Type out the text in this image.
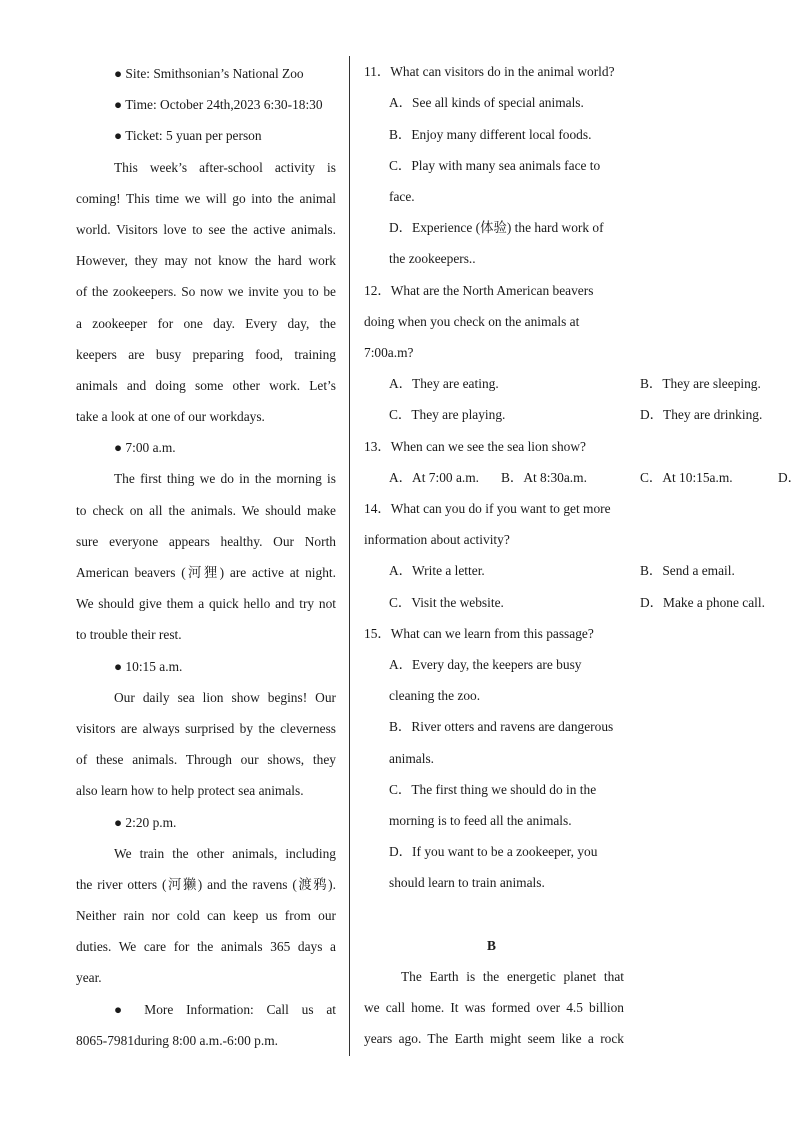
● Site: Smithsonian’s National Zoo
● Time: October 24th,2023 6:30-18:30
● Ticket: 5 yuan per person
This week’s after-school activity is
coming! This time we will go into the animal
world. Visitors love to see the active animals.
However, they may not know the hard work
of the zookeepers. So now we invite you to be
a zookeeper for one day. Every day, the
keepers are busy preparing food, training
animals and doing some other work. Let’s
take a look at one of our workdays.
● 7:00 a.m.
The first thing we do in the morning is
to check on all the animals. We should make
sure everyone appears healthy. Our North
American beavers (河狸) are active at night.
We should give them a quick hello and try not
to trouble their rest.
● 10:15 a.m.
Our daily sea lion show begins! Our
visitors are always surprised by the cleverness
of these animals. Through our shows, they
also learn how to help protect sea animals.
● 2:20 p.m.
We train the other animals, including
the river otters (河獭) and the ravens (渡鸦).
Neither rain nor cold can keep us from our
duties. We care for the animals 365 days a
year.
● More Information: Call us at
8065-7981during 8:00 a.m.-6:00 p.m.
11．What can visitors do in the animal world?
A．See all kinds of special animals.
B．Enjoy many different local foods.
C．Play with many sea animals face to
face.
D．Experience (体验) the hard work of
the zookeepers..
12．What are the North American beavers
doing when you check on the animals at
7:00a.m?
A．They are eating.	B．They are sleeping.
C．They are playing.	D．They are drinking.
13．When can we see the sea lion show?
A．At 7:00 a.m. B．At 8:30a.m.	C．At 10:15a.m.	D．
14．What can you do if you want to get more
information about activity?
A．Write a letter.	B．Send a email.
C．Visit the website.	D．Make a phone call.
15．What can we learn from this passage?
A．Every day, the keepers are busy
cleaning the zoo.
B．River otters and ravens are dangerous
animals.
C．The first thing we should do in the
morning is to feed all the animals.
D．If you want to be a zookeeper, you
should learn to train animals.
B
The Earth is the energetic planet that
we call home. It was formed over 4.5 billion
years ago. The Earth might seem like a rock
